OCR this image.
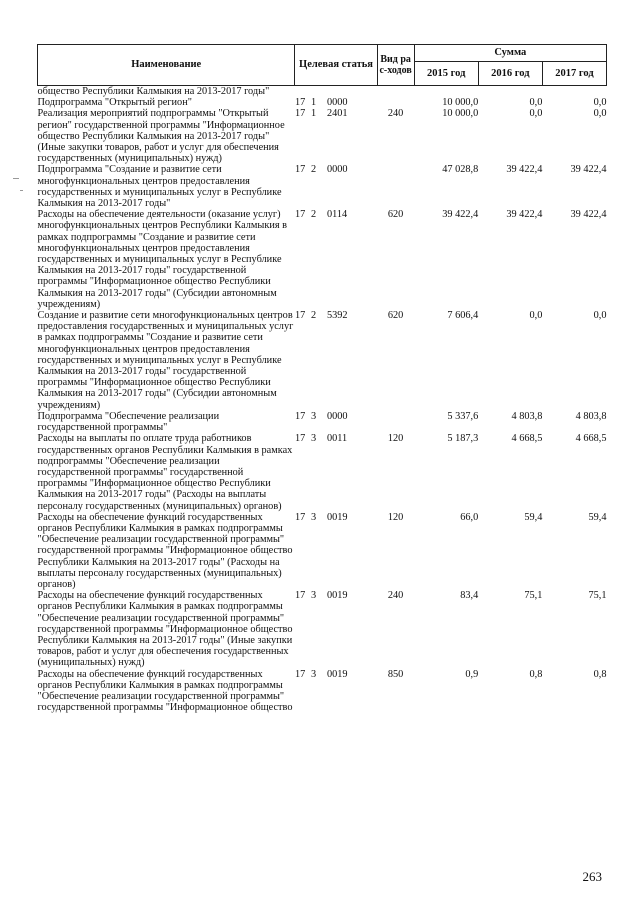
Наименование	Целевая статья	Вид рас-ходов	Сумма		
			2015 год	2016 год	2017 год
общество Республики Калмыкия на 2013-2017 годы"					
Подпрограмма "Открытый регион"	17 1 0000		10 000,0	0,0	0,0
Реализация мероприятий подпрограммы "Открытый регион" государственной программы "Информационное общество Республики Калмыкия на 2013-2017 годы" (Иные закупки товаров, работ и услуг для обеспечения государственных (муниципальных) нужд)	17 1 2401	240	10 000,0	0,0	0,0
Подпрограмма "Создание и развитие сети многофункциональных центров предоставления государственных и муниципальных услуг в Республике Калмыкия на 2013-2017 годы"	17 2 0000		47 028,8	39 422,4	39 422,4
Расходы на обеспечение деятельности (оказание услуг) многофункциональных центров Республики Калмыкия в рамках подпрограммы "Создание и развитие сети многофункциональных центров предоставления государственных и муниципальных услуг в Республике Калмыкия на 2013-2017 годы" государственной программы "Информационное общество Республики Калмыкия на 2013-2017 годы" (Субсидии автономным учреждениям)	17 2 0114	620	39 422,4	39 422,4	39 422,4
Создание и развитие сети многофункциональных центров предоставления государственных и муниципальных услуг в рамках подпрограммы "Создание и развитие сети многофункциональных центров предоставления государственных и муниципальных услуг в Республике Калмыкия на 2013-2017 годы" государственной программы "Информационное общество Республики Калмыкия на 2013-2017 годы" (Субсидии автономным учреждениям)	17 2 5392	620	7 606,4	0,0	0,0
Подпрограмма "Обеспечение реализации государственной программы"	17 3 0000		5 337,6	4 803,8	4 803,8
Расходы на выплаты по оплате труда работников государственных органов Республики Калмыкия в рамках подпрограммы "Обеспечение реализации государственной программы" государственной программы "Информационное общество Республики Калмыкия на 2013-2017 годы" (Расходы на выплаты персоналу государственных (муниципальных) органов)	17 3 0011	120	5 187,3	4 668,5	4 668,5
Расходы на обеспечение функций государственных органов Республики Калмыкия в рамках подпрограммы "Обеспечение реализации государственной программы" государственной программы "Информационное общество Республики Калмыкия на 2013-2017 годы" (Расходы на выплаты персоналу государственных (муниципальных) органов)	17 3 0019	120	66,0	59,4	59,4
Расходы на обеспечение функций государственных органов Республики Калмыкия в рамках подпрограммы "Обеспечение реализации государственной программы" государственной программы "Информационное общество Республики Калмыкия на 2013-2017 годы" (Иные закупки товаров, работ и услуг для обеспечения государственных (муниципальных) нужд)	17 3 0019	240	83,4	75,1	75,1
Расходы на обеспечение функций государственных органов Республики Калмыкия в рамках подпрограммы "Обеспечение реализации государственной программы" государственной программы "Информационное общество	17 3 0019	850	0,9	0,8	0,8
263
